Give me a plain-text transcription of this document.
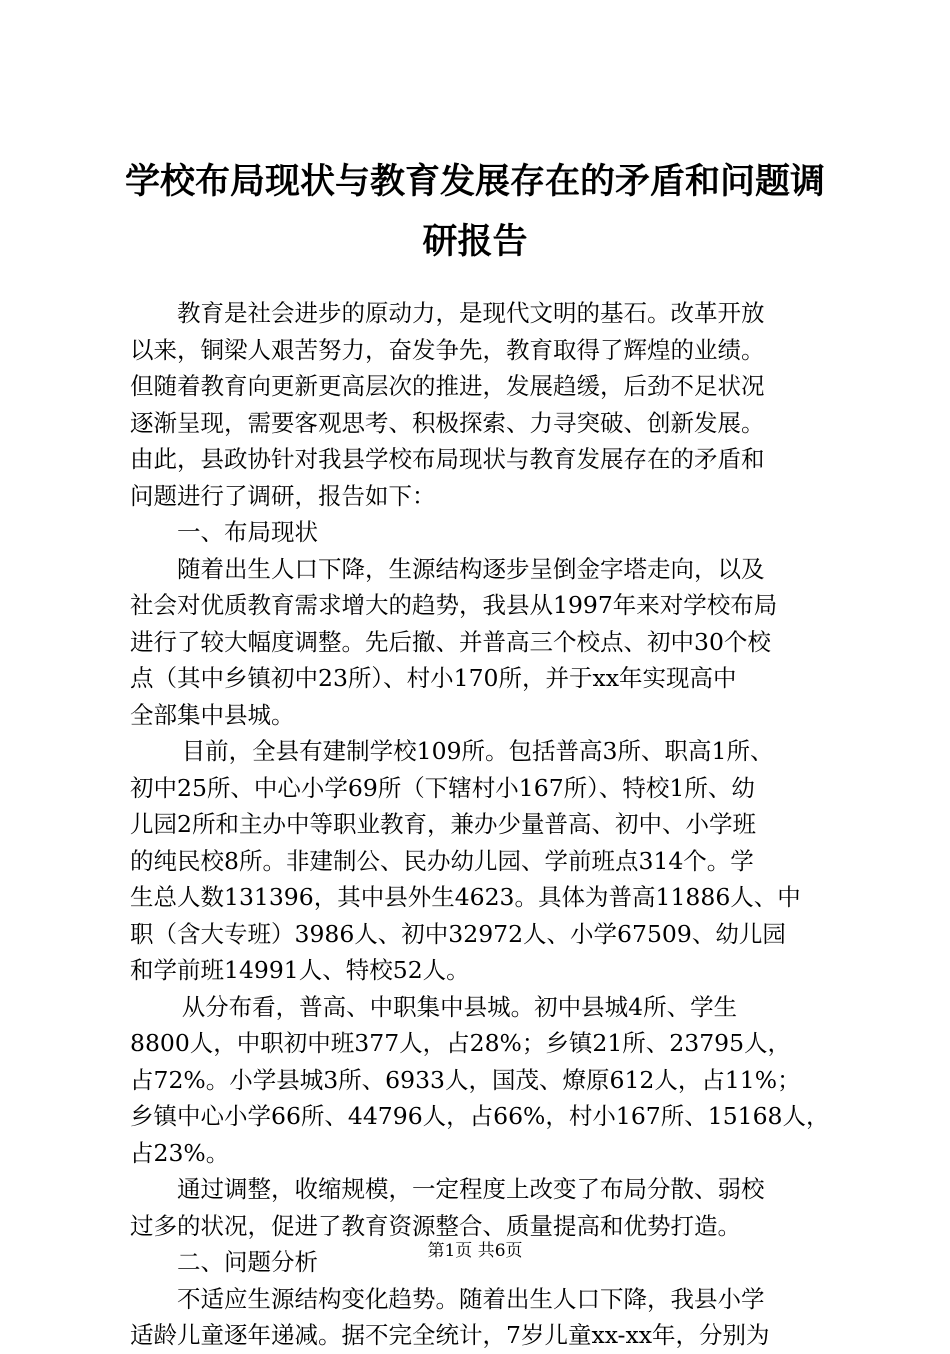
学校布局现状与教育发展存在的矛盾和问题调
研报告
教育是社会进步的原动力，是现代文明的基石。改革开放
以来，铜梁人艰苦努力，奋发争先，教育取得了辉煌的业绩。
但随着教育向更新更高层次的推进，发展趋缓，后劲不足状况
逐渐呈现，需要客观思考、积极探索、力寻突破、创新发展。
由此，县政协针对我县学校布局现状与教育发展存在的矛盾和
问题进行了调研，报告如下：
一、布局现状
随着出生人口下降，生源结构逐步呈倒金字塔走向，以及
社会对优质教育需求增大的趋势，我县从1997年来对学校布局
进行了较大幅度调整。先后撤、并普高三个校点、初中30个校
点（其中乡镇初中23所）、村小170所，并于xx年实现高中
全部集中县城。
目前，全县有建制学校109所。包括普高3所、职高1所、
初中25所、中心小学69所（下辖村小167所）、特校1所、幼
儿园2所和主办中等职业教育，兼办少量普高、初中、小学班
的纯民校8所。非建制公、民办幼儿园、学前班点314个。学
生总人数131396，其中县外生4623。具体为普高11886人、中
职（含大专班）3986人、初中32972人、小学67509、幼儿园
和学前班14991人、特校52人。
从分布看，普高、中职集中县城。初中县城4所、学生
8800人，中职初中班377人，占28%；乡镇21所、23795人，
占72%。小学县城3所、6933人，国茂、燎原612人，占11%；
乡镇中心小学66所、44796人，占66%，村小167所、15168人，
占23%。
通过调整，收缩规模，一定程度上改变了布局分散、弱校
过多的状况，促进了教育资源整合、质量提高和优势打造。
二、问题分析
不适应生源结构变化趋势。随着出生人口下降，我县小学
适龄儿童逐年递减。据不完全统计，7岁儿童xx-xx年，分别为
第1页 共6页
